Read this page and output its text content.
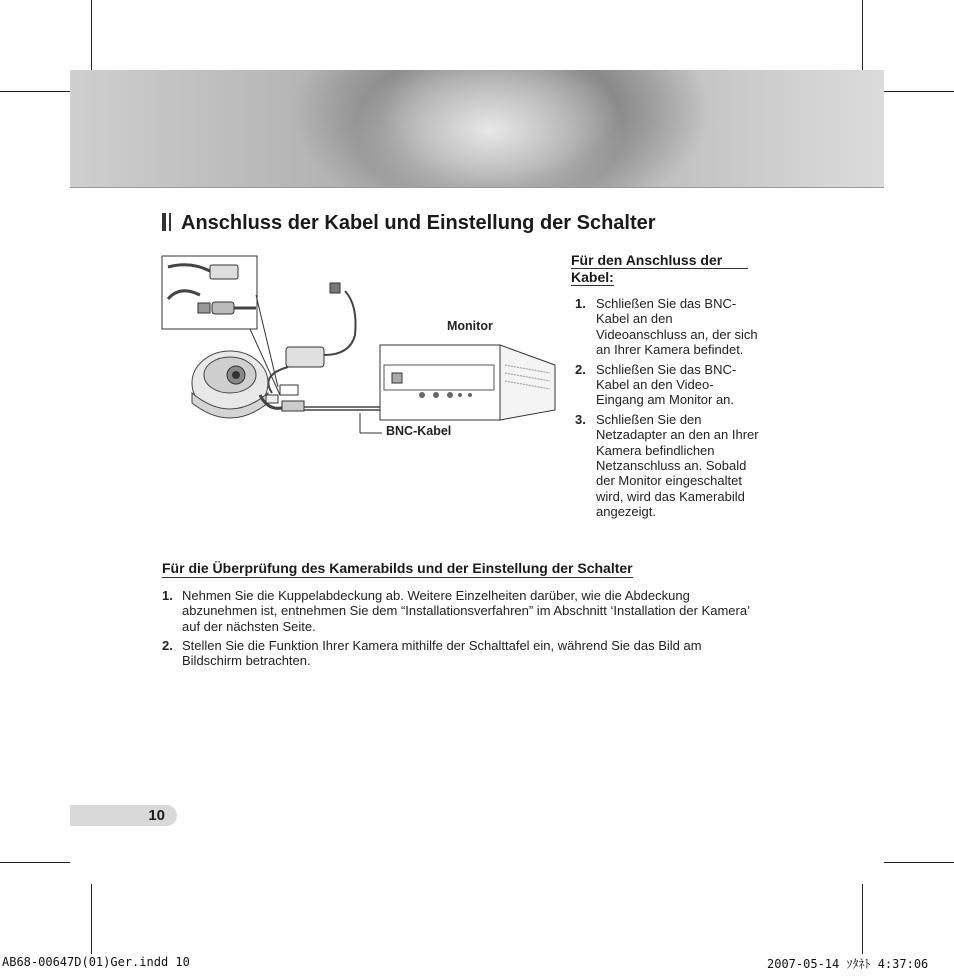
Anschluss der Kabel und Einstellung der Schalter
Monitor
BNC-Kabel
Für den Anschluss der
Kabel:
1. Schließen Sie das BNC-Kabel an den Videoanschluss an, der sich an Ihrer Kamera befindet.
2. Schließen Sie das BNC-Kabel an den Video-Eingang am Monitor an.
3. Schließen Sie den Netzadapter an den an Ihrer Kamera befindlichen Netzanschluss an. Sobald der Monitor eingeschaltet wird, wird das Kamerabild angezeigt.
Für die Überprüfung des Kamerabilds und der Einstellung der Schalter
1. Nehmen Sie die Kuppelabdeckung ab. Weitere Einzelheiten darüber, wie die Abdeckung abzunehmen ist, entnehmen Sie dem “Installationsverfahren” im Abschnitt ‘Installation der Kamera’ auf der nächsten Seite.
2. Stellen Sie die Funktion Ihrer Kamera mithilfe der Schalttafel ein, während Sie das Bild am Bildschirm betrachten.
10
AB68-00647D(01)Ger.indd 10	2007-05-14 ｿﾀﾈﾄ 4:37:06
